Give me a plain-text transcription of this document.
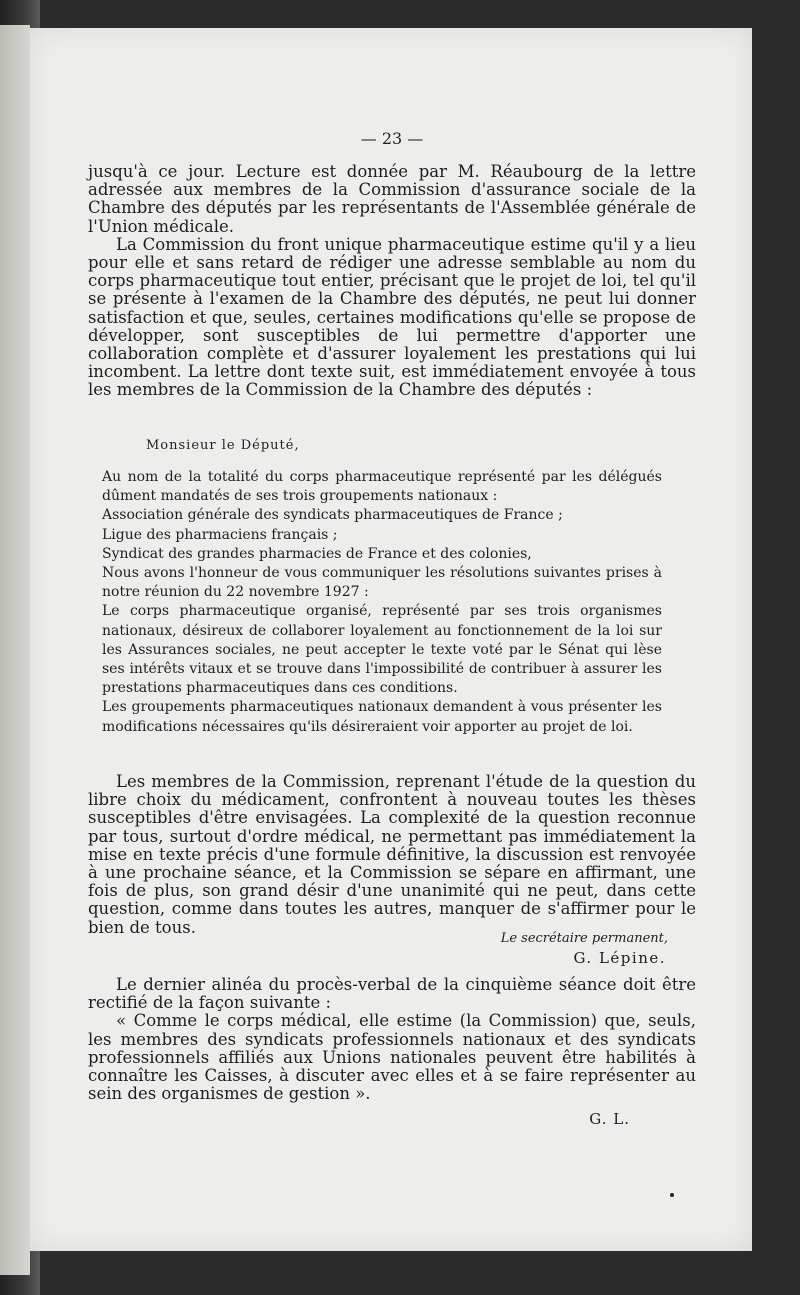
— 23 —

jusqu'à ce jour. Lecture est donnée par M. Réaubourg de la lettre adressée aux membres de la Commission d'assurance sociale de la Chambre des députés par les représentants de l'Assemblée générale de l'Union médicale.

La Commission du front unique pharmaceutique estime qu'il y a lieu pour elle et sans retard de rédiger une adresse semblable au nom du corps pharmaceutique tout entier, précisant que le projet de loi, tel qu'il se présente à l'examen de la Chambre des députés, ne peut lui donner satisfaction et que, seules, certaines modifications qu'elle se propose de développer, sont susceptibles de lui permettre d'apporter une collaboration complète et d'assurer loyalement les prestations qui lui incombent. La lettre dont texte suit, est immédiatement envoyée à tous les membres de la Commission de la Chambre des députés :

Monsieur le Député,

Au nom de la totalité du corps pharmaceutique représenté par les délégués dûment mandatés de ses trois groupements nationaux :

Association générale des syndicats pharmaceutiques de France ;

Ligue des pharmaciens français ;

Syndicat des grandes pharmacies de France et des colonies,

Nous avons l'honneur de vous communiquer les résolutions suivantes prises à notre réunion du 22 novembre 1927 :

Le corps pharmaceutique organisé, représenté par ses trois organismes nationaux, désireux de collaborer loyalement au fonctionnement de la loi sur les Assurances sociales, ne peut accepter le texte voté par le Sénat qui lèse ses intérêts vitaux et se trouve dans l'impossibilité de contribuer à assurer les prestations pharmaceutiques dans ces conditions.

Les groupements pharmaceutiques nationaux demandent à vous présenter les modifications nécessaires qu'ils désireraient voir apporter au projet de loi.

Les membres de la Commission, reprenant l'étude de la question du libre choix du médicament, confrontent à nouveau toutes les thèses susceptibles d'être envisagées. La complexité de la question reconnue par tous, surtout d'ordre médical, ne permettant pas immédiatement la mise en texte précis d'une formule définitive, la discussion est renvoyée à une prochaine séance, et la Commission se sépare en affirmant, une fois de plus, son grand désir d'une unanimité qui ne peut, dans cette question, comme dans toutes les autres, manquer de s'affirmer pour le bien de tous.

Le secrétaire permanent,

G. Lépine.

Le dernier alinéa du procès-verbal de la cinquième séance doit être rectifié de la façon suivante :

« Comme le corps médical, elle estime (la Commission) que, seuls, les membres des syndicats professionnels nationaux et des syndicats professionnels affiliés aux Unions nationales peuvent être habilités à connaître les Caisses, à discuter avec elles et à se faire représenter au sein des organismes de gestion ».

G. L.
